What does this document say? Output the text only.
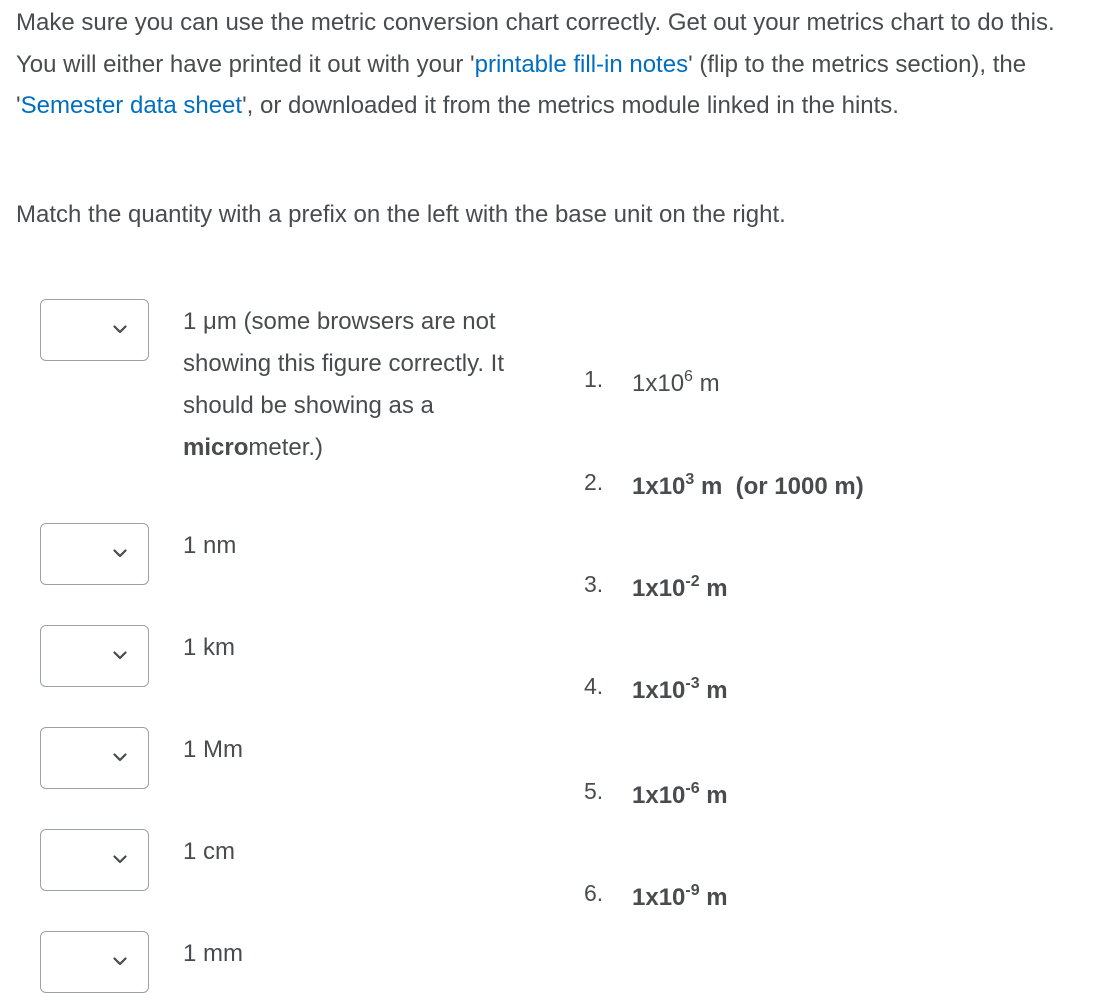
Make sure you can use the metric conversion chart correctly. Get out your metrics chart to do this. You will either have printed it out with your 'printable fill-in notes' (flip to the metrics section), the 'Semester data sheet', or downloaded it from the metrics module linked in the hints.

Match the quantity with a prefix on the left with the base unit on the right.

1 μm (some browsers are not showing this figure correctly. It should be showing as a micrometer.)
1 nm
1 km
1 Mm
1 cm
1 mm
1. $1x10^6$ m
2. $1x10^3$ m  (or 1000 m)
3. $1x10^{-2}$ m
4. $1x10^{-3}$ m
5. $1x10^{-6}$ m
6. $1x10^{-9}$ m
